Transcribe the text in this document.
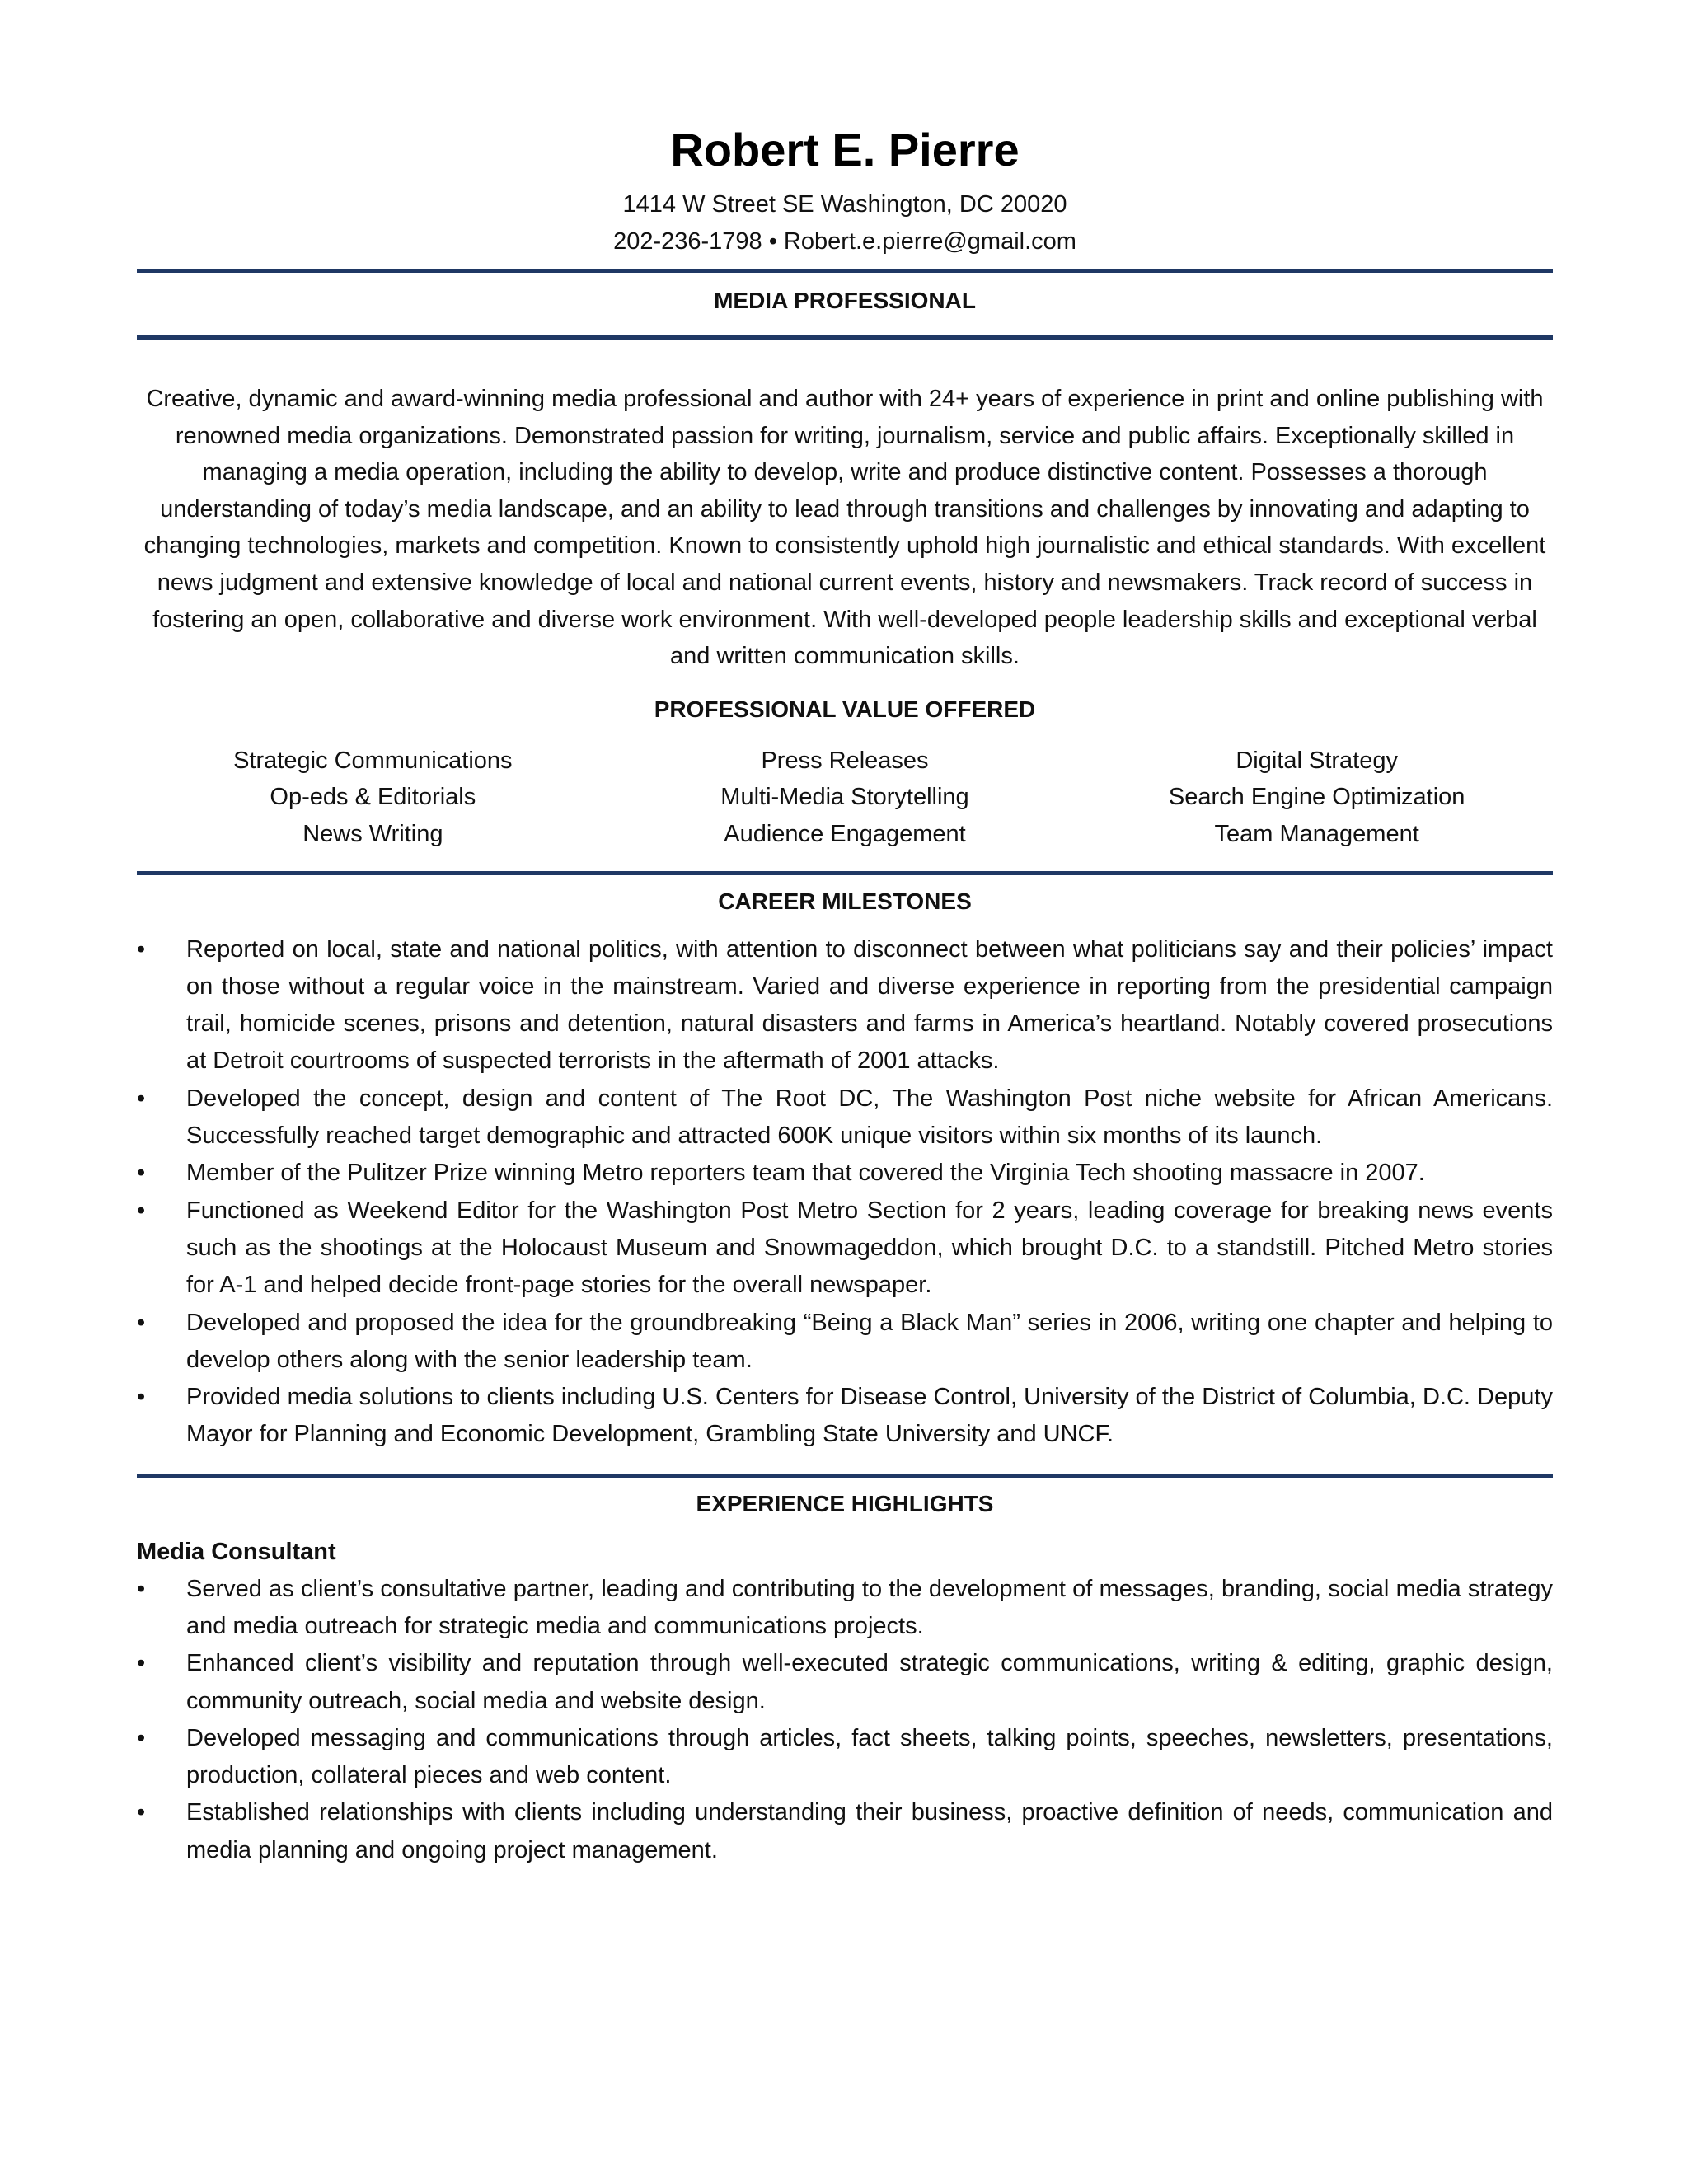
Robert E. Pierre

1414 W Street SE Washington, DC 20020

202-236-1798 • Robert.e.pierre@gmail.com

MEDIA PROFESSIONAL

Creative, dynamic and award-winning media professional and author with 24+ years of experience in print and online publishing with renowned media organizations. Demonstrated passion for writing, journalism, service and public affairs. Exceptionally skilled in managing a media operation, including the ability to develop, write and produce distinctive content. Possesses a thorough understanding of today’s media landscape, and an ability to lead through transitions and challenges by innovating and adapting to changing technologies, markets and competition. Known to consistently uphold high journalistic and ethical standards. With excellent news judgment and extensive knowledge of local and national current events, history and newsmakers. Track record of success in fostering an open, collaborative and diverse work environment. With well-developed people leadership skills and exceptional verbal and written communication skills.

PROFESSIONAL VALUE OFFERED

Strategic Communications
Op-eds & Editorials
News Writing
Press Releases
Multi-Media Storytelling
Audience Engagement
Digital Strategy
Search Engine Optimization
Team Management

CAREER MILESTONES

• Reported on local, state and national politics, with attention to disconnect between what politicians say and their policies’ impact on those without a regular voice in the mainstream. Varied and diverse experience in reporting from the presidential campaign trail, homicide scenes, prisons and detention, natural disasters and farms in America’s heartland. Notably covered prosecutions at Detroit courtrooms of suspected terrorists in the aftermath of 2001 attacks.
• Developed the concept, design and content of The Root DC, The Washington Post niche website for African Americans. Successfully reached target demographic and attracted 600K unique visitors within six months of its launch.
• Member of the Pulitzer Prize winning Metro reporters team that covered the Virginia Tech shooting massacre in 2007.
• Functioned as Weekend Editor for the Washington Post Metro Section for 2 years, leading coverage for breaking news events such as the shootings at the Holocaust Museum and Snowmageddon, which brought D.C. to a standstill. Pitched Metro stories for A-1 and helped decide front-page stories for the overall newspaper.
• Developed and proposed the idea for the groundbreaking “Being a Black Man” series in 2006, writing one chapter and helping to develop others along with the senior leadership team.
• Provided media solutions to clients including U.S. Centers for Disease Control, University of the District of Columbia, D.C. Deputy Mayor for Planning and Economic Development, Grambling State University and UNCF.

EXPERIENCE HIGHLIGHTS

Media Consultant

• Served as client’s consultative partner, leading and contributing to the development of messages, branding, social media strategy and media outreach for strategic media and communications projects.
• Enhanced client’s visibility and reputation through well-executed strategic communications, writing & editing, graphic design, community outreach, social media and website design.
• Developed messaging and communications through articles, fact sheets, talking points, speeches, newsletters, presentations, production, collateral pieces and web content.
• Established relationships with clients including understanding their business, proactive definition of needs, communication and media planning and ongoing project management.
